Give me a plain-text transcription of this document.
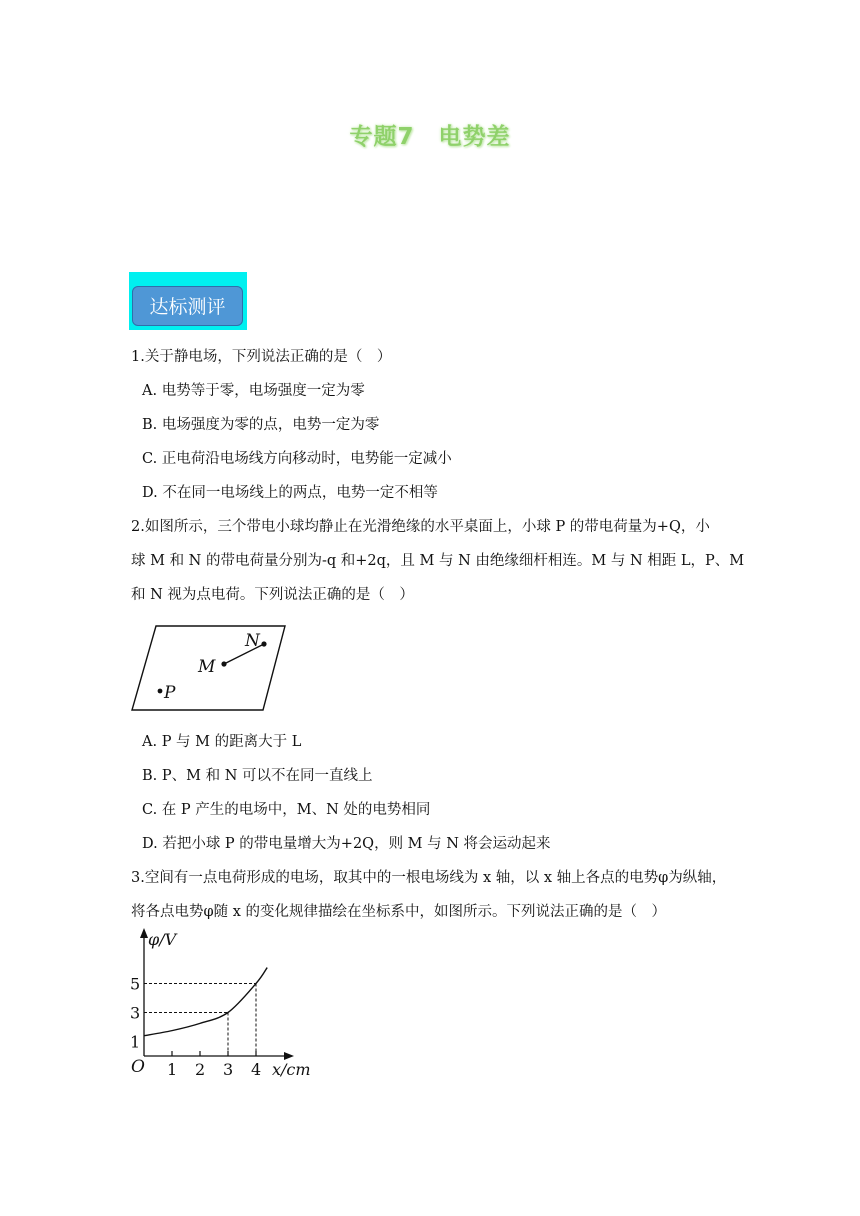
专题7　电势差
达标测评
1.关于静电场，下列说法正确的是（　）
A. 电势等于零，电场强度一定为零
B. 电场强度为零的点，电势一定为零
C. 正电荷沿电场线方向移动时，电势能一定减小
D. 不在同一电场线上的两点，电势一定不相等
2.如图所示，三个带电小球均静止在光滑绝缘的水平桌面上，小球 P 的带电荷量为+Q，小
球 M 和 N 的带电荷量分别为-q 和+2q，且 M 与 N 由绝缘细杆相连。M 与 N 相距 L，P、M
和 N 视为点电荷。下列说法正确的是（　）
M
N
P
A. P 与 M 的距离大于 L
B. P、M 和 N 可以不在同一直线上
C. 在 P 产生的电场中，M、N 处的电势相同
D. 若把小球 P 的带电量增大为+2Q，则 M 与 N 将会运动起来
3.空间有一点电荷形成的电场，取其中的一根电场线为 x 轴，以 x 轴上各点的电势φ为纵轴，
将各点电势φ随 x 的变化规律描绘在坐标系中，如图所示。下列说法正确的是（　）
1 2 3 4
1
3
5
φ/V
x/cm
O
